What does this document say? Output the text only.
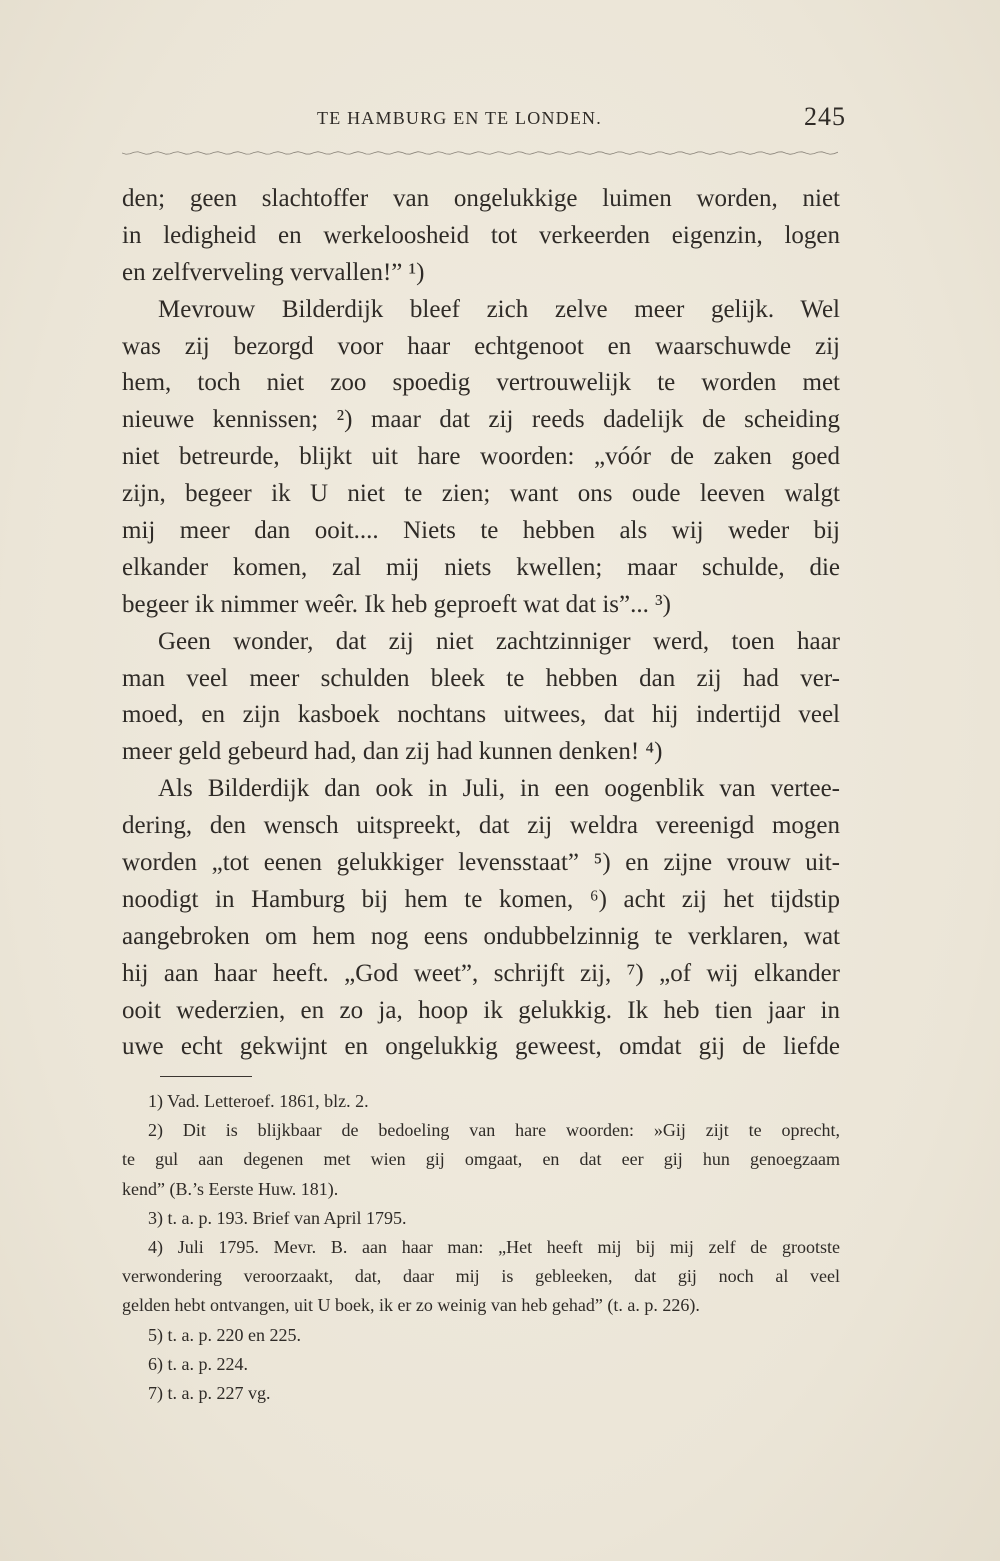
TE HAMBURG EN TE LONDEN.	245
den; geen slachtoffer van ongelukkige luimen worden, niet
in ledigheid en werkeloosheid tot verkeerden eigenzin, logen
en zelfverveling vervallen!” ¹)
Mevrouw Bilderdijk bleef zich zelve meer gelijk. Wel
was zij bezorgd voor haar echtgenoot en waarschuwde zij
hem, toch niet zoo spoedig vertrouwelijk te worden met
nieuwe kennissen; ²) maar dat zij reeds dadelijk de scheiding
niet betreurde, blijkt uit hare woorden: „vóór de zaken goed
zijn, begeer ik U niet te zien; want ons oude leeven walgt
mij meer dan ooit.... Niets te hebben als wij weder bij
elkander komen, zal mij niets kwellen; maar schulde, die
begeer ik nimmer weêr. Ik heb geproeft wat dat is”... ³)
Geen wonder, dat zij niet zachtzinniger werd, toen haar
man veel meer schulden bleek te hebben dan zij had ver-
moed, en zijn kasboek nochtans uitwees, dat hij indertijd veel
meer geld gebeurd had, dan zij had kunnen denken! ⁴)
Als Bilderdijk dan ook in Juli, in een oogenblik van vertee-
dering, den wensch uitspreekt, dat zij weldra vereenigd mogen
worden „tot eenen gelukkiger levensstaat” ⁵) en zijne vrouw uit-
noodigt in Hamburg bij hem te komen, ⁶) acht zij het tijdstip
aangebroken om hem nog eens ondubbelzinnig te verklaren, wat
hij aan haar heeft. „God weet”, schrijft zij, ⁷) „of wij elkander
ooit wederzien, en zo ja, hoop ik gelukkig. Ik heb tien jaar in
uwe echt gekwijnt en ongelukkig geweest, omdat gij de liefde
1) Vad. Letteroef. 1861, blz. 2.
2) Dit is blijkbaar de bedoeling van hare woorden: »Gij zijt te oprecht,
te gul aan degenen met wien gij omgaat, en dat eer gij hun genoegzaam
kend” (B.’s Eerste Huw. 181).
3) t. a. p. 193. Brief van April 1795.
4) Juli 1795. Mevr. B. aan haar man: „Het heeft mij bij mij zelf de grootste
verwondering veroorzaakt, dat, daar mij is gebleeken, dat gij noch al veel
gelden hebt ontvangen, uit U boek, ik er zo weinig van heb gehad” (t. a. p. 226).
5) t. a. p. 220 en 225.
6) t. a. p. 224.
7) t. a. p. 227 vg.
